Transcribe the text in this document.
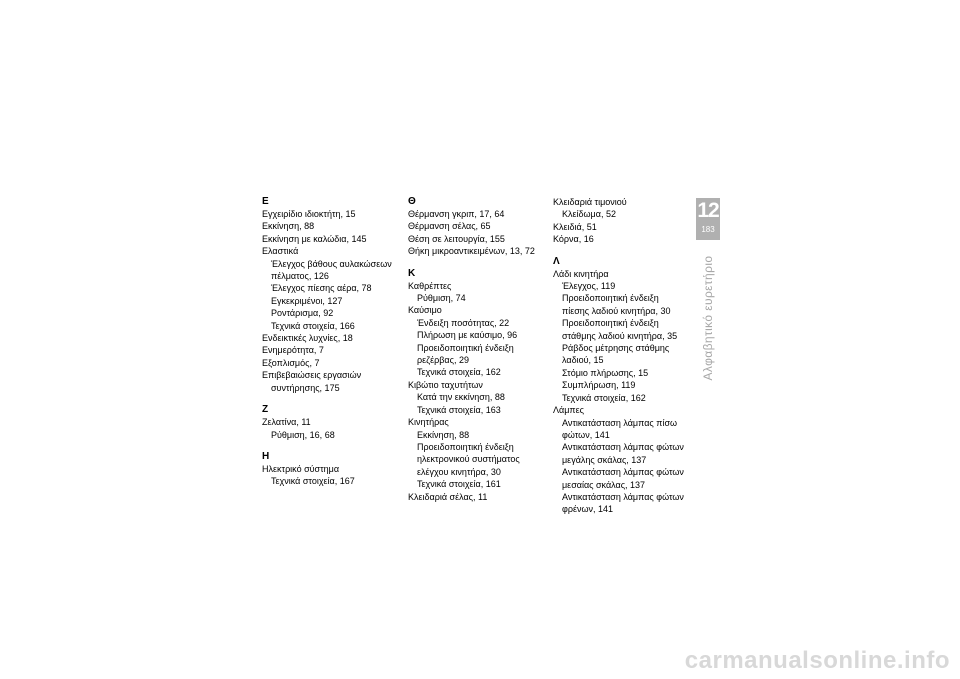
Ε
Εγχειρίδιο ιδιοκτήτη, 15
Εκκίνηση, 88
Εκκίνηση με καλώδια, 145
Ελαστικά
Έλεγχος βάθους αυλακώσεων
πέλματος, 126
Έλεγχος πίεσης αέρα, 78
Εγκεκριμένοι, 127
Ροντάρισμα, 92
Τεχνικά στοιχεία, 166
Ενδεικτικές λυχνίες, 18
Ενημερότητα, 7
Εξοπλισμός, 7
Επιβεβαιώσεις εργασιών
συντήρησης, 175
Ζ
Ζελατίνα, 11
Ρύθμιση, 16, 68
Η
Ηλεκτρικό σύστημα
Τεχνικά στοιχεία, 167
Θ
Θέρμανση γκριπ, 17, 64
Θέρμανση σέλας, 65
Θέση σε λειτουργία, 155
Θήκη μικροαντικειμένων, 13, 72
Κ
Καθρέπτες
Ρύθμιση, 74
Καύσιμο
Ένδειξη ποσότητας, 22
Πλήρωση με καύσιμο, 96
Προειδοποιητική ένδειξη
ρεζέρβας, 29
Τεχνικά στοιχεία, 162
Κιβώτιο ταχυτήτων
Κατά την εκκίνηση, 88
Τεχνικά στοιχεία, 163
Κινητήρας
Εκκίνηση, 88
Προειδοποιητική ένδειξη
ηλεκτρονικού συστήματος
ελέγχου κινητήρα, 30
Τεχνικά στοιχεία, 161
Κλειδαριά σέλας, 11
Κλειδαριά τιμονιού
Κλείδωμα, 52
Κλειδιά, 51
Κόρνα, 16
Λ
Λάδι κινητήρα
Έλεγχος, 119
Προειδοποιητική ένδειξη
πίεσης λαδιού κινητήρα, 30
Προειδοποιητική ένδειξη
στάθμης λαδιού κινητήρα, 35
Ράβδος μέτρησης στάθμης
λαδιού, 15
Στόμιο πλήρωσης, 15
Συμπλήρωση, 119
Τεχνικά στοιχεία, 162
Λάμπες
Αντικατάσταση λάμπας πίσω
φώτων, 141
Αντικατάσταση λάμπας φώτων
μεγάλης σκάλας, 137
Αντικατάσταση λάμπας φώτων
μεσαίας σκάλας, 137
Αντικατάσταση λάμπας φώτων
φρένων, 141
12
183
Αλφαβητικό ευρετήριο
carmanualsonline.info
